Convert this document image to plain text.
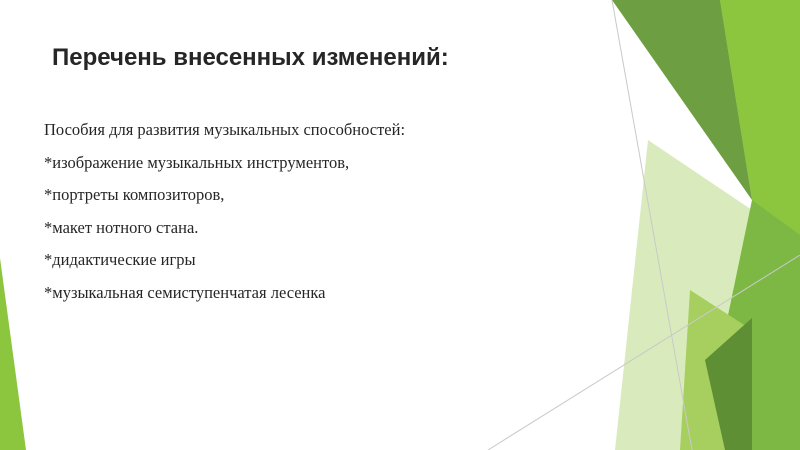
Перечень внесенных изменений:
Пособия для развития музыкальных способностей:
*изображение музыкальных инструментов,
*портреты композиторов,
*макет нотного стана.
*дидактические игры
*музыкальная семиступенчатая лесенка
